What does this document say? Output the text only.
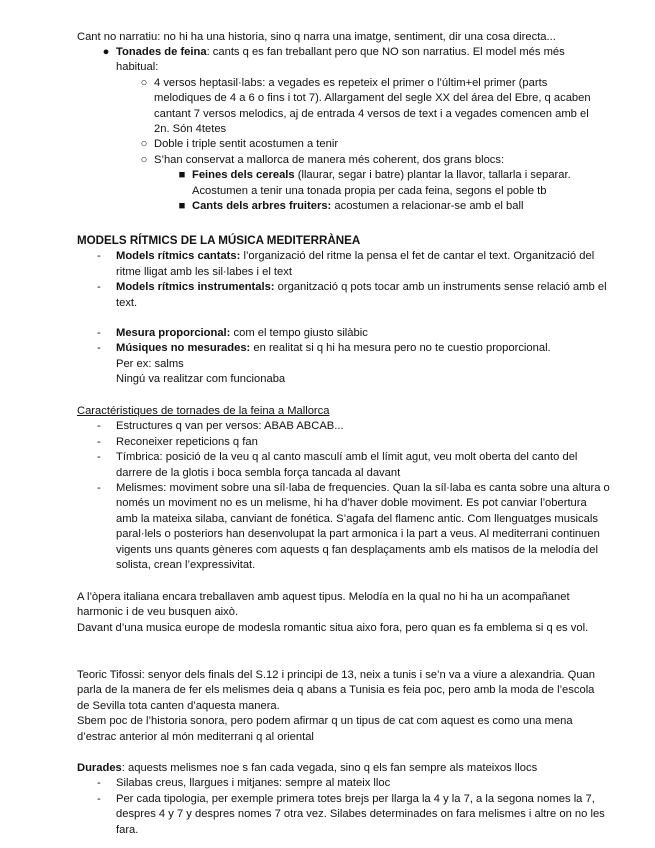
Cant no narratiu: no hi ha una historia, sino q narra una imatge, sentiment, dir una cosa directa...

● Tonades de feina: cants q es fan treballant pero que NO son narratius. El model més més habitual:
○ 4 versos heptasil·labs: a vegades es repeteix el primer o l’últim+el primer (parts melodiques de 4 a 6 o fins i tot 7). Allargament del segle XX del área del Ebre, q acaben cantant 7 versos melodics, aj de entrada 4 versos de text i a vegades comencen amb el 2n. Són 4tetes
○ Doble i triple sentit acostumen a tenir
○ S’han conservat a mallorca de manera més coherent, dos grans blocs:
■ Feines dels cereals (llaurar, segar i batre) plantar la llavor, tallarla i separar. Acostumen a tenir una tonada propia per cada feina, segons el poble tb
■ Cants dels arbres fruiters: acostumen a relacionar-se amb el ball

MODELS RÍTMICS DE LA MÚSICA MEDITERRÀNEA

- Models rítmics cantats: l’organizació del ritme la pensa el fet de cantar el text. Organització del ritme lligat amb les sil·labes i el text
- Models rítmics instrumentals: organització q pots tocar amb un instruments sense relació amb el text.
- Mesura proporcional: com el tempo giusto silàbic
- Músiques no mesurades: en realitat si q hi ha mesura pero no te cuestio proporcional.

Per ex: salms

Ningú va realitzar com funcionaba

Caractéristiques de tornades de la feina a Mallorca

- Estructures q van per versos: ABAB ABCAB...
- Reconeixer repeticions q fan
- Tímbrica: posició de la veu q al canto masculí amb el límit agut, veu molt oberta del canto del darrere de la glotis i boca sembla força tancada al davant
- Melismes: moviment sobre una síl·laba de frequencies. Quan la síl·laba es canta sobre una altura o només un moviment no es un melisme, hi ha d’haver doble moviment. Es pot canviar l’obertura amb la mateixa silaba, canviant de fonética. S’agafa del flamenc antic. Com llenguatges musicals paral·lels o posteriors han desenvolupat la part armonica i la part a veus. Al mediterrani continuen vigents uns quants gèneres com aquests q fan desplaçaments amb els matisos de la melodía del solista, crean l’expressivitat.

A l’òpera italiana encara treballaven amb aquest tipus. Melodía en la qual no hi ha un acompañanet harmonic i de veu busquen això.

Davant d’una musica europe de modesla romantic situa aixo fora, pero quan es fa emblema si q es vol.

Teoric Tifossi: senyor dels finals del S.12 i principi de 13, neix a tunis i se’n va a viure a alexandria. Quan parla de la manera de fer els melismes deia q abans a Tunisia es feia poc, pero amb la moda de l’escola de Sevilla tota canten d’aquesta manera.

Sbem poc de l’historia sonora, pero podem afirmar q un tipus de cat com aquest es como una mena d’estrac anterior al món mediterrani q al oriental

Durades: aquests melismes noe s fan cada vegada, sino q els fan sempre als mateixos llocs

- Silabas creus, llargues i mitjanes: sempre al mateix lloc
- Per cada tipologia, per exemple primera totes brejs per llarga la 4 y la 7, a la segona nomes la 7, despres 4 y 7 y despres nomes 7 otra vez. Silabes determinades on fara melismes i altre on no les fara.
